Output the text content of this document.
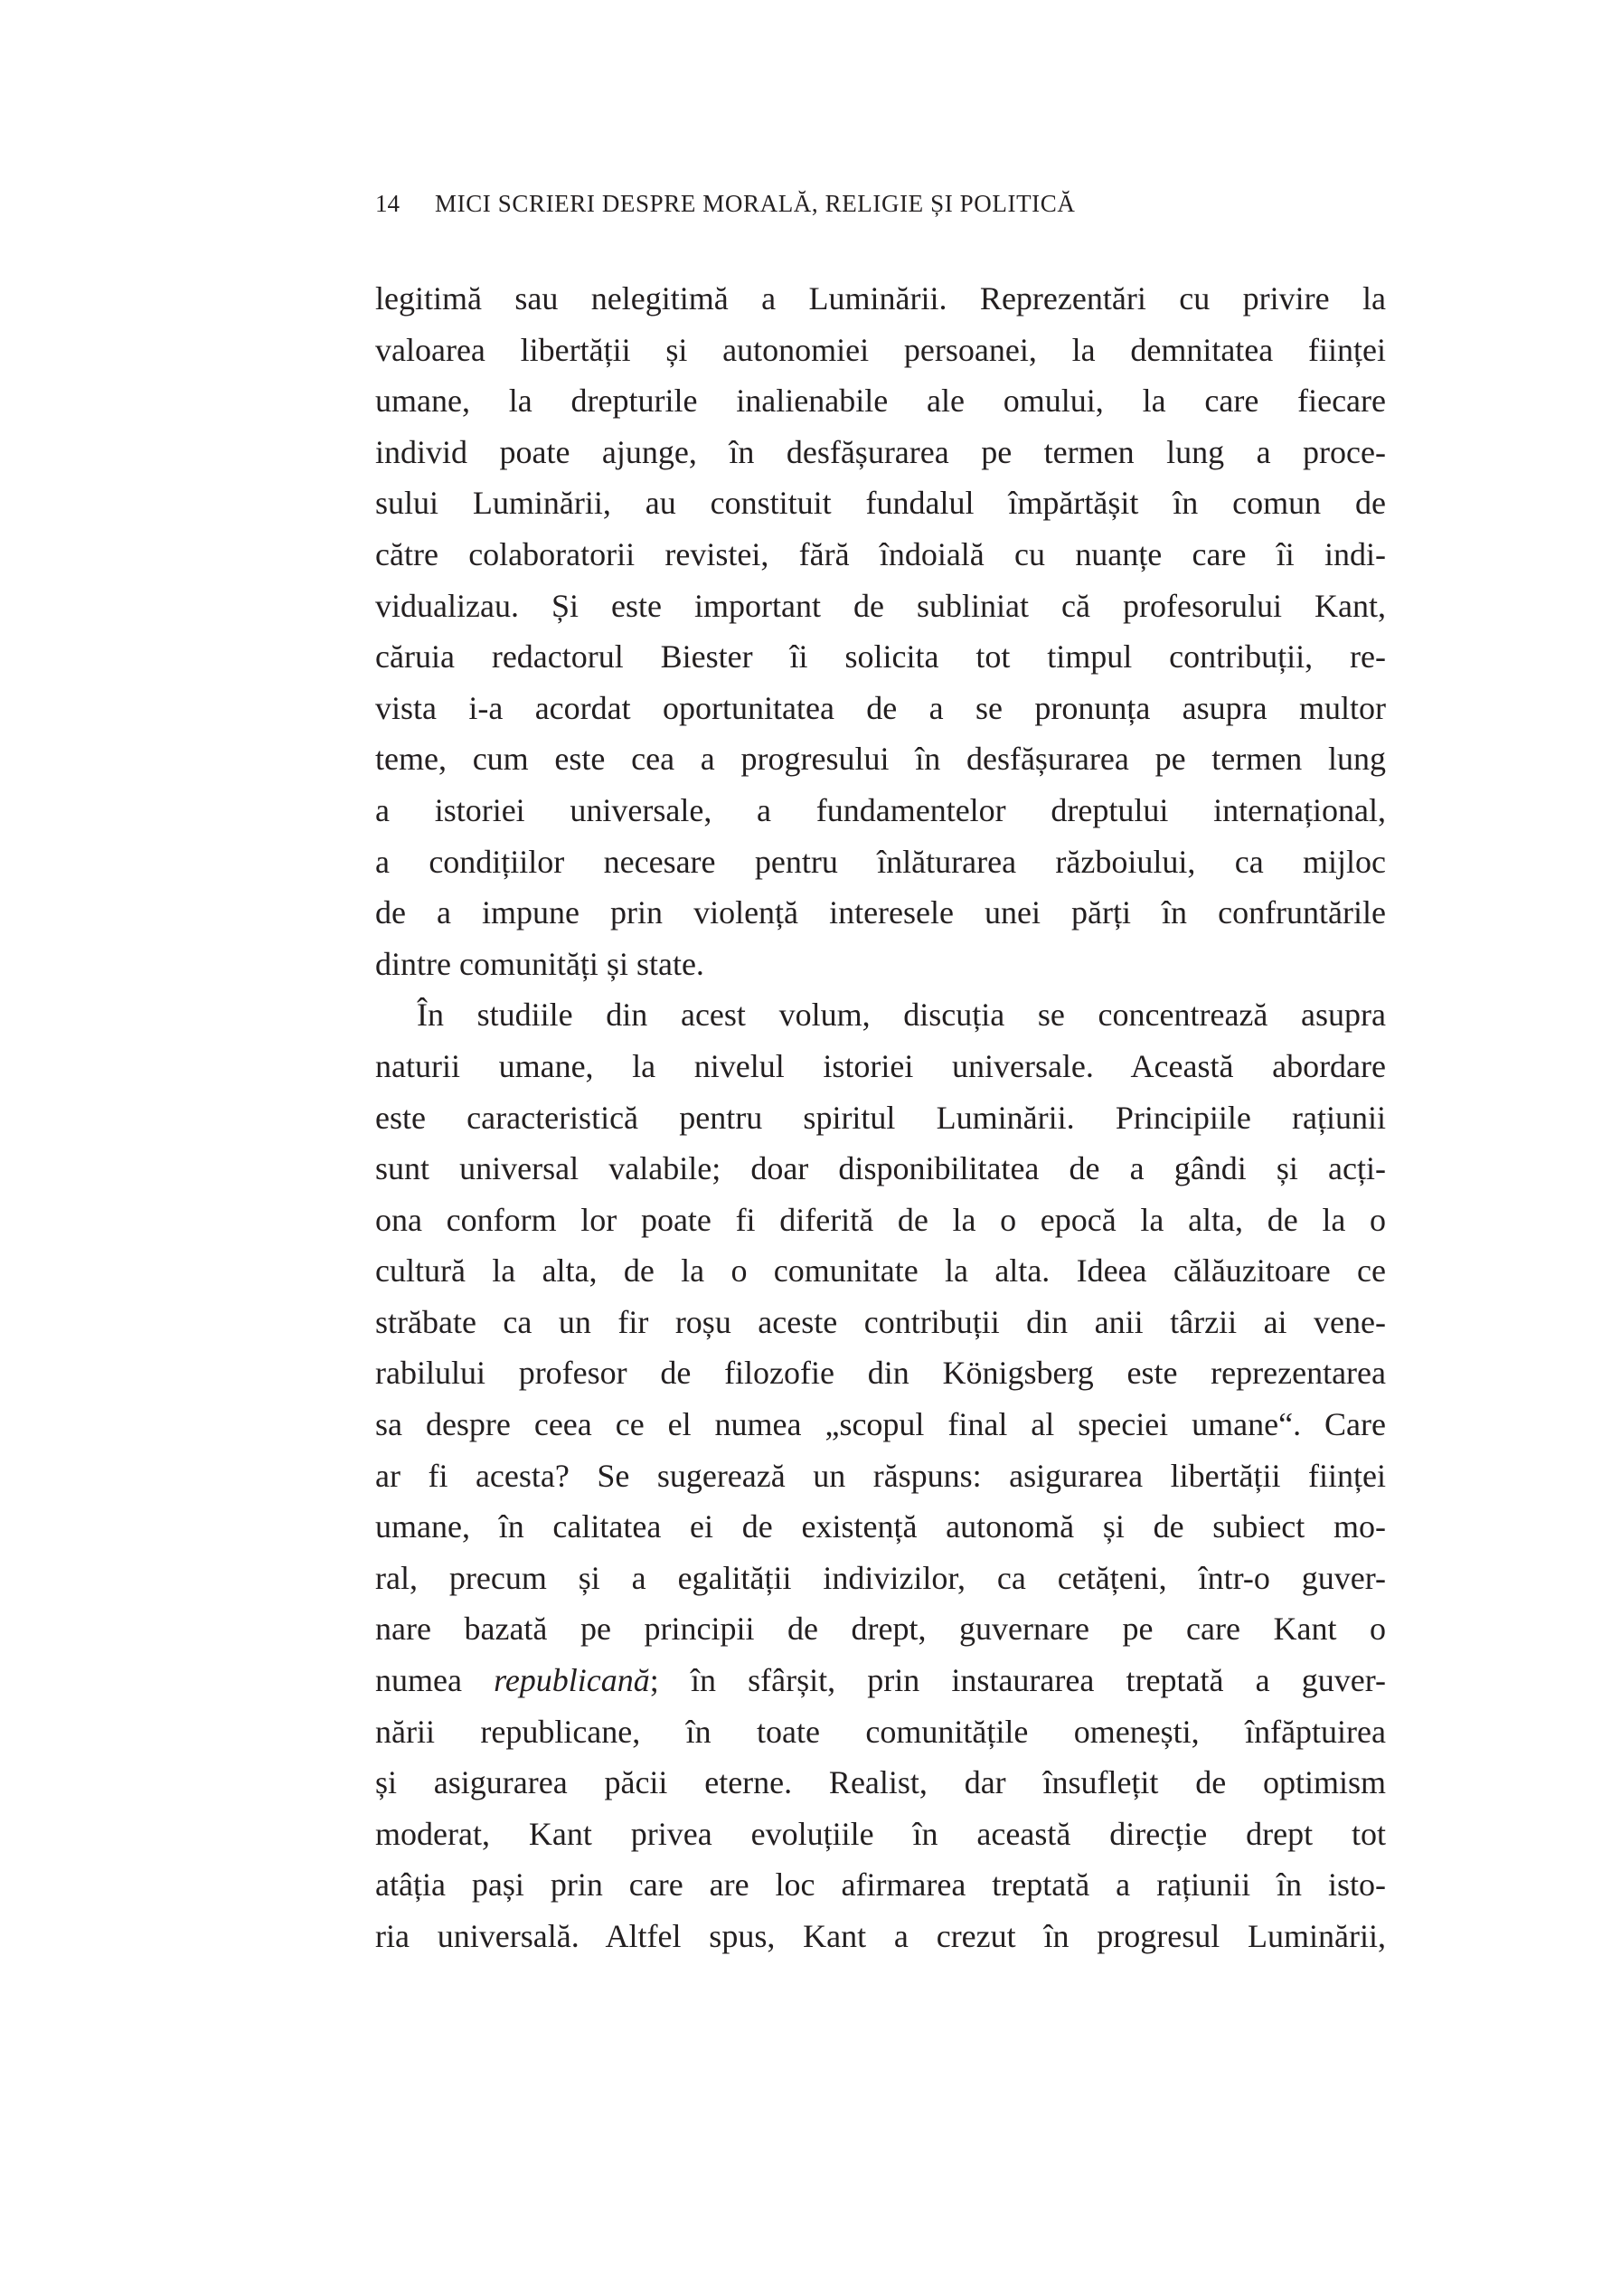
14 MICI SCRIERI DESPRE MORALĂ, RELIGIE ȘI POLITICĂ
legitimă sau nelegitimă a Luminării. Reprezentări cu privire la
valoarea libertății și autonomiei persoanei, la demnitatea ființei
umane, la drepturile inalienabile ale omului, la care fiecare
individ poate ajunge, în desfășurarea pe termen lung a proce-
sului Luminării, au constituit fundalul împărtășit în comun de
către colaboratorii revistei, fără îndoială cu nuanțe care îi indi-
vidualizau. Și este important de subliniat că profesorului Kant,
căruia redactorul Biester îi solicita tot timpul contribuții, re-
vista i-a acordat oportunitatea de a se pronunța asupra multor
teme, cum este cea a progresului în desfășurarea pe termen lung
a istoriei universale, a fundamentelor dreptului internațional,
a condițiilor necesare pentru înlăturarea războiului, ca mijloc
de a impune prin violență interesele unei părți în confruntările
dintre comunități și state.
În studiile din acest volum, discuția se concentrează asupra
naturii umane, la nivelul istoriei universale. Această abordare
este caracteristică pentru spiritul Luminării. Principiile rațiunii
sunt universal valabile; doar disponibilitatea de a gândi și acți-
ona conform lor poate fi diferită de la o epocă la alta, de la o
cultură la alta, de la o comunitate la alta. Ideea călăuzitoare ce
străbate ca un fir roșu aceste contribuții din anii târzii ai vene-
rabilului profesor de filozofie din Königsberg este reprezentarea
sa despre ceea ce el numea „scopul final al speciei umane“. Care
ar fi acesta? Se sugerează un răspuns: asigurarea libertății ființei
umane, în calitatea ei de existență autonomă și de subiect mo-
ral, precum și a egalității indivizilor, ca cetățeni, într-o guver-
nare bazată pe principii de drept, guvernare pe care Kant o
numea republicană; în sfârșit, prin instaurarea treptată a guver-
nării republicane, în toate comunitățile omenești, înfăptuirea
și asigurarea păcii eterne. Realist, dar însuflețit de optimism
moderat, Kant privea evoluțiile în această direcție drept tot
atâția pași prin care are loc afirmarea treptată a rațiunii în isto-
ria universală. Altfel spus, Kant a crezut în progresul Luminării,
